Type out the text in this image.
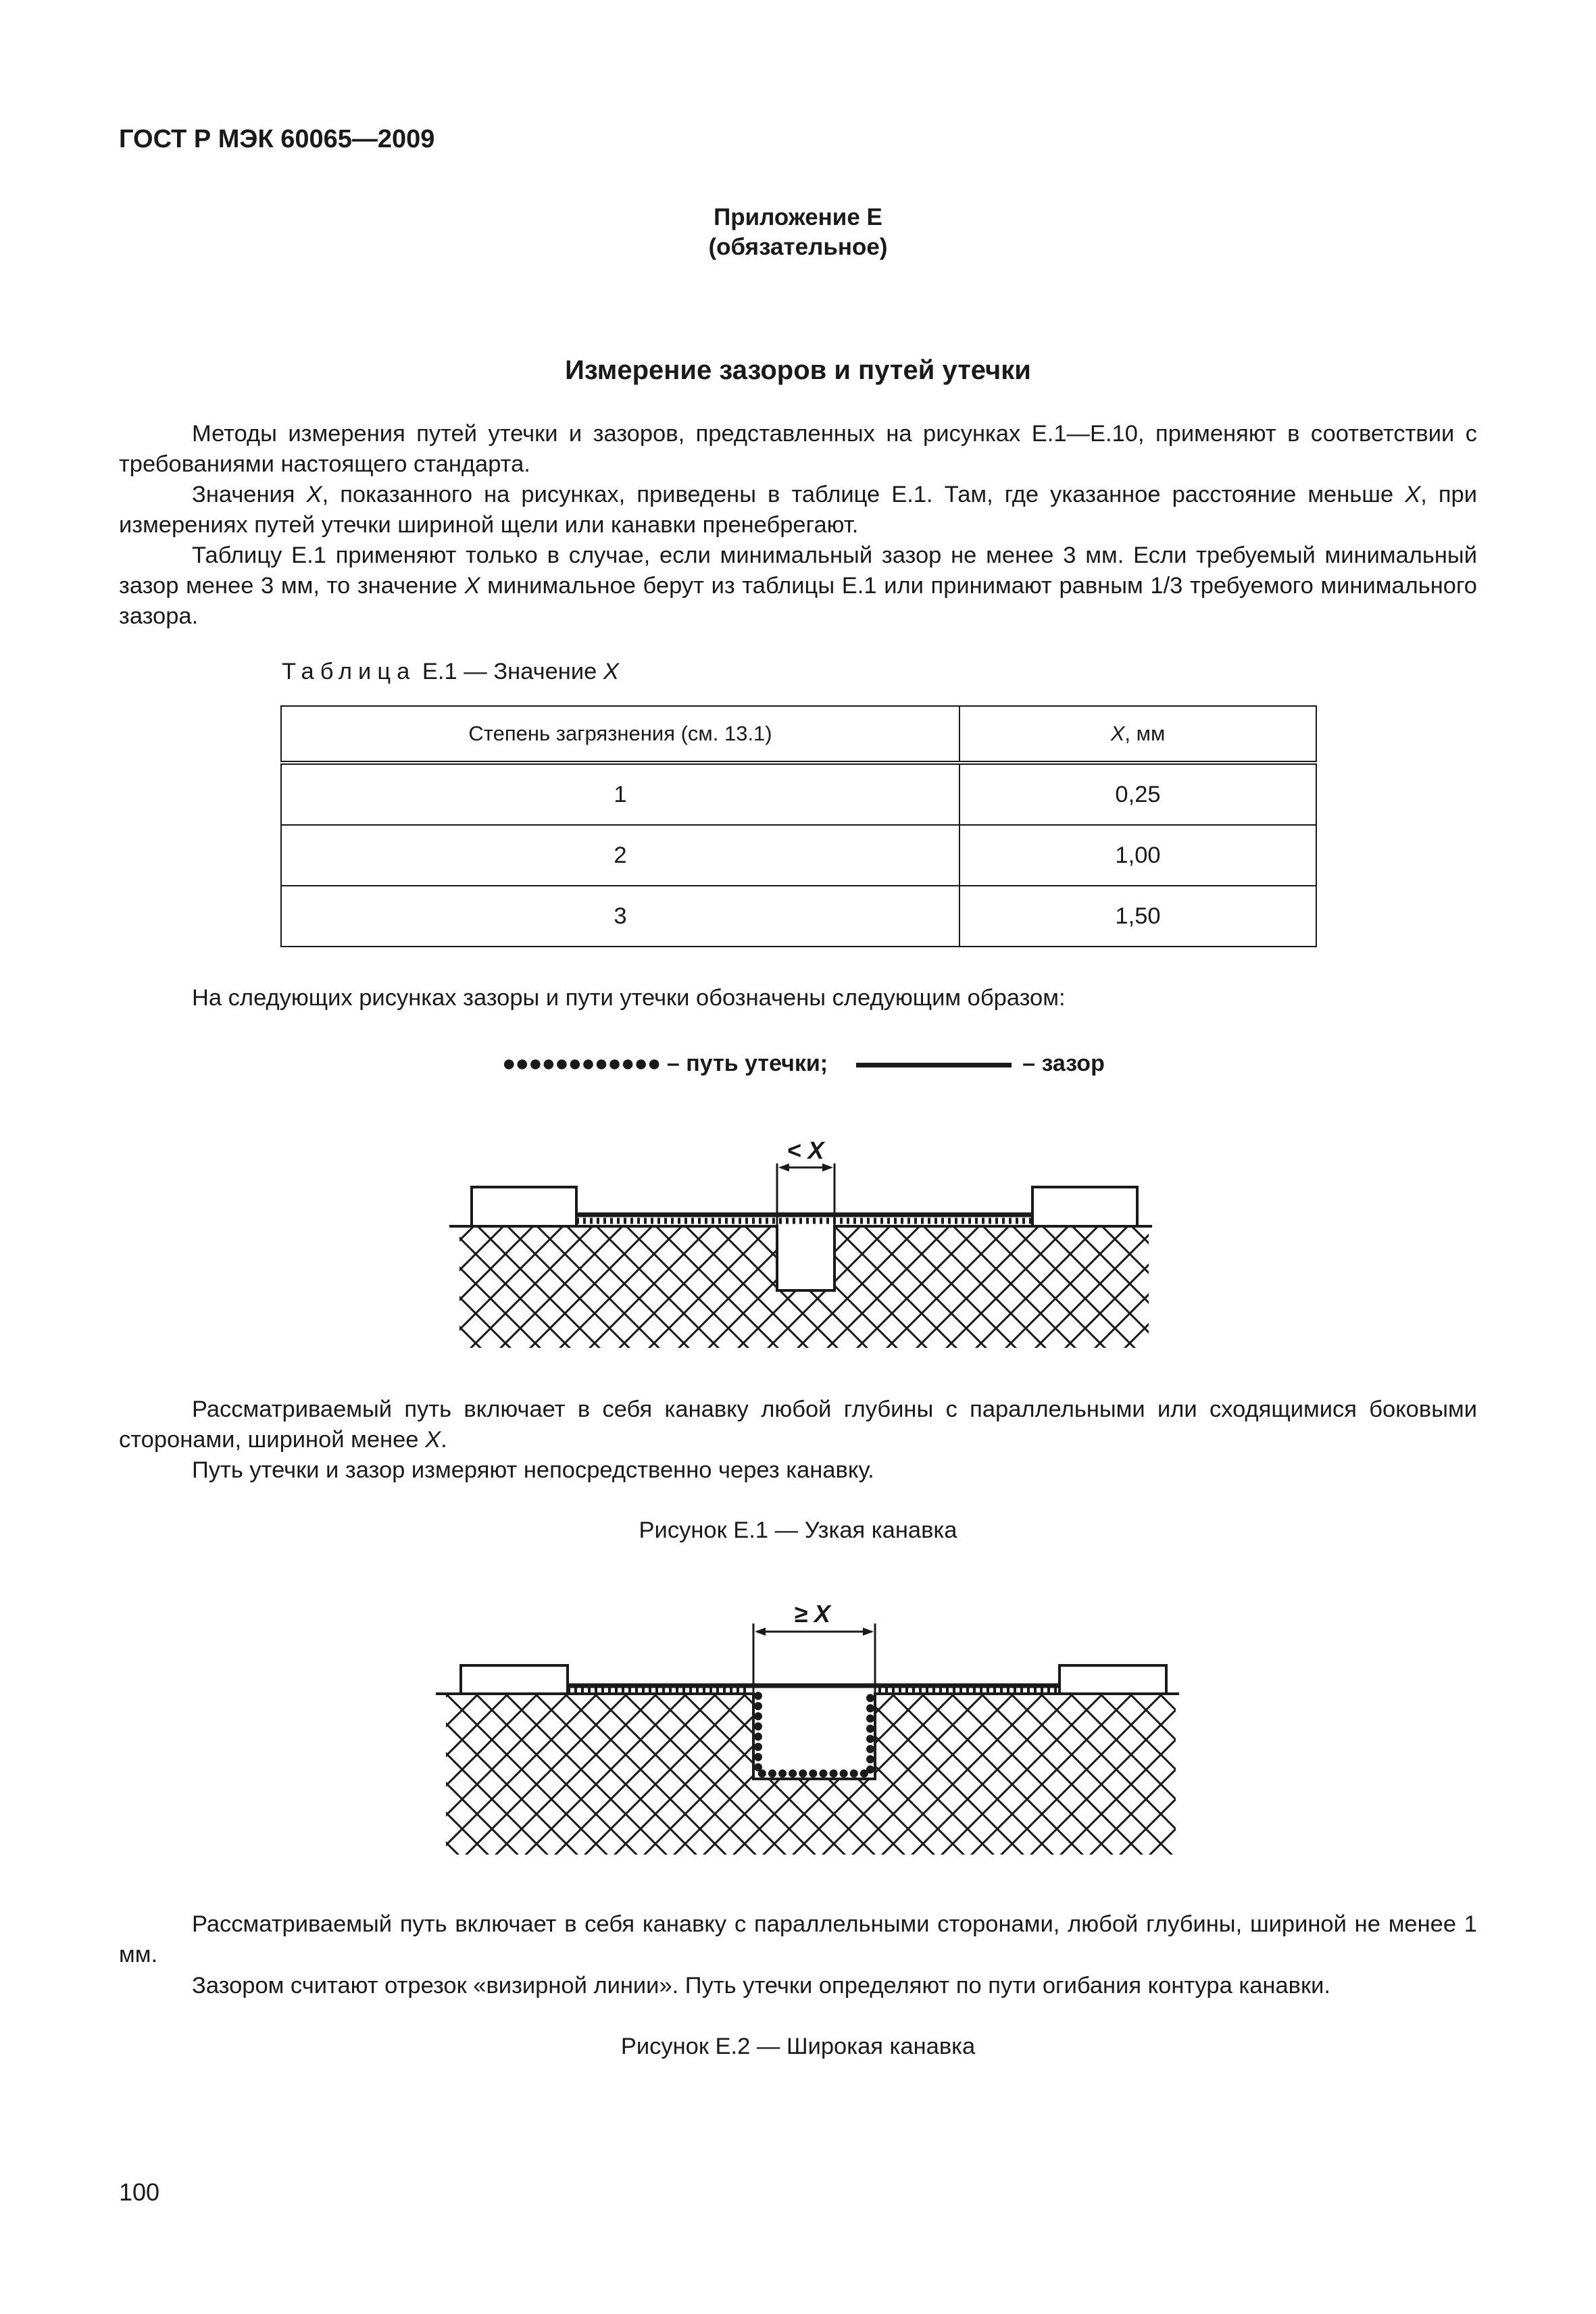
ГОСТ Р МЭК 60065—2009
Приложение Е
(обязательное)
Измерение зазоров и путей утечки

Методы измерения путей утечки и зазоров, представленных на рисунках Е.1—Е.10, применяют в соответствии с требованиями настоящего стандарта.

Значения X, показанного на рисунках, приведены в таблице Е.1. Там, где указанное расстояние меньше X, при измерениях путей утечки шириной щели или канавки пренебрегают.

Таблицу Е.1 применяют только в случае, если минимальный зазор не менее 3 мм. Если требуемый минимальный зазор менее 3 мм, то значение X минимальное берут из таблицы Е.1 или принимают равным 1/3 требуемого минимального зазора.

Таблица Е.1 — Значение X
Степень загрязнения (см. 13.1)	X, мм
1	0,25
2	1,00
3	1,50

На следующих рисунках зазоры и пути утечки обозначены следующим образом:

●●●●●●●●●●●● – путь утечки;	– зазор
< X

Рассматриваемый путь включает в себя канавку любой глубины с параллельными или сходящимися боковыми сторонами, шириной менее X.

Путь утечки и зазор измеряют непосредственно через канавку.

Рисунок Е.1 — Узкая канавка
≥ X

Рассматриваемый путь включает в себя канавку с параллельными сторонами, любой глубины, шириной не менее 1 мм.

Зазором считают отрезок «визирной линии». Путь утечки определяют по пути огибания контура канавки.

Рисунок Е.2 — Широкая канавка
100
